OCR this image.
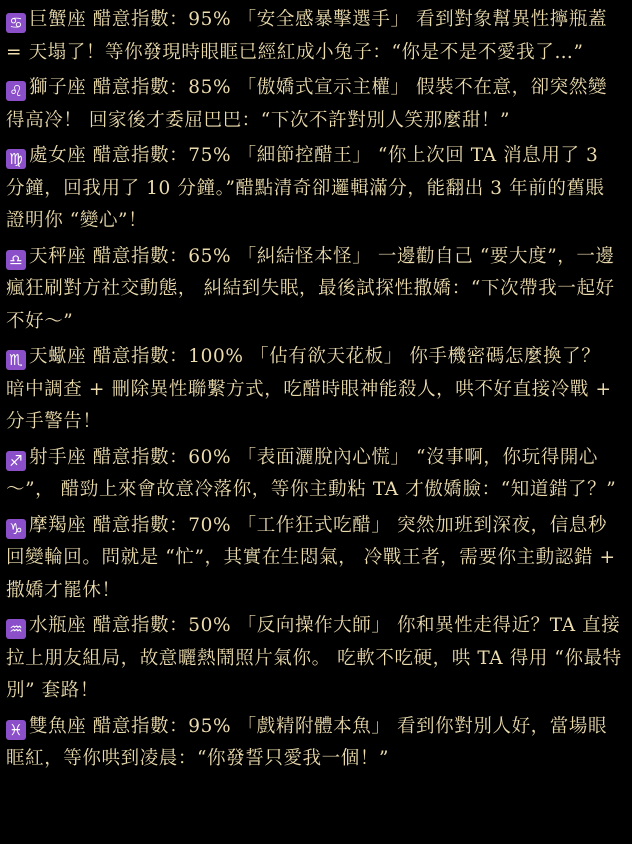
♋ 巨蟹座 醋意指數：95% 「安全感暴擊選手」 看到對象幫異性擰瓶蓋 = 天塌了！等你發現時眼眶已經紅成小兔子：“你是不是不愛我了…”
♌ 獅子座 醋意指數：85% 「傲嬌式宣示主權」 假裝不在意，卻突然變得高冷！ 回家後才委屈巴巴：“下次不許對別人笑那麼甜！”
♍ 處女座 醋意指數：75% 「細節控醋王」 “你上次回 TA 消息用了 3 分鐘，回我用了 10 分鐘。”醋點清奇卻邏輯滿分，能翻出 3 年前的舊賬證明你 “變心”！
♎ 天秤座 醋意指數：65% 「糾結怪本怪」 一邊勸自己 “要大度”，一邊瘋狂刷對方社交動態， 糾結到失眠，最後試探性撒嬌：“下次帶我一起好不好～”
♏ 天蠍座 醋意指數：100% 「佔有欲天花板」 你手機密碼怎麼換了？ 暗中調查 + 刪除異性聯繫方式，吃醋時眼神能殺人，哄不好直接冷戰 + 分手警告！
♐ 射手座 醋意指數：60% 「表面灑脫內心慌」 “沒事啊，你玩得開心～”， 醋勁上來會故意冷落你，等你主動粘 TA 才傲嬌臉：“知道錯了？”
♑ 摩羯座 醋意指數：70% 「工作狂式吃醋」 突然加班到深夜，信息秒回變輪回。問就是 “忙”，其實在生悶氣， 冷戰王者，需要你主動認錯 + 撒嬌才罷休！
♒ 水瓶座 醋意指數：50% 「反向操作大師」 你和異性走得近？TA 直接拉上朋友組局，故意曬熱鬧照片氣你。 吃軟不吃硬，哄 TA 得用 “你最特別” 套路！
♓ 雙魚座 醋意指數：95% 「戲精附體本魚」 看到你對別人好，當場眼眶紅，等你哄到凌晨：“你發誓只愛我一個！”
